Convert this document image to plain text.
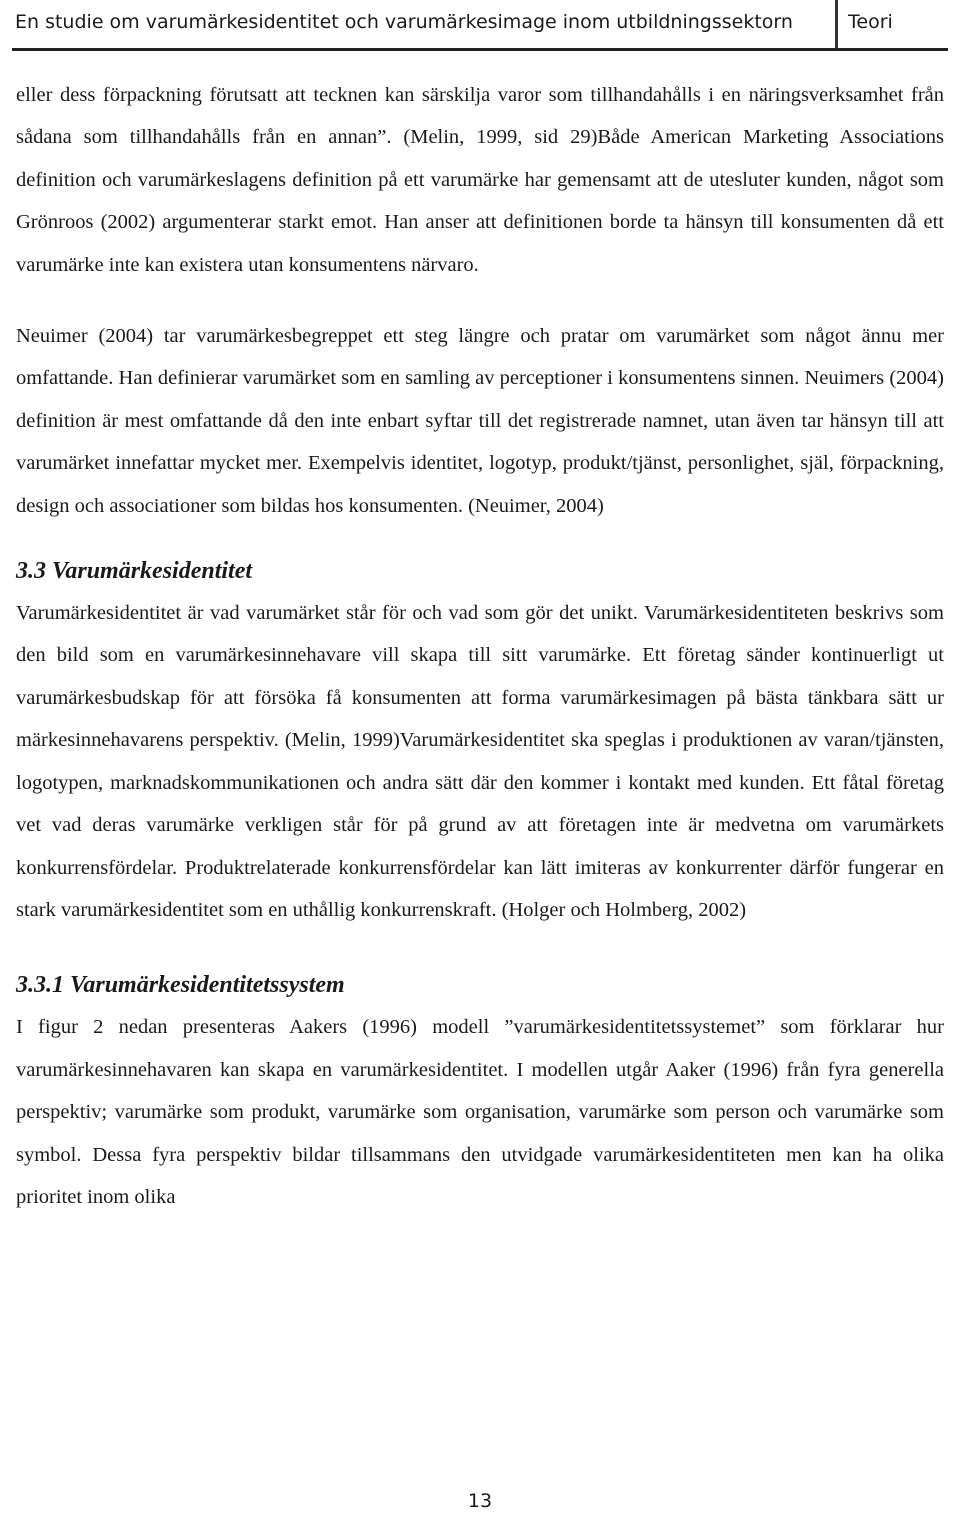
En studie om varumärkesidentitet och varumärkesimage inom utbildningssektorn	Teori

eller dess förpackning förutsatt att tecknen kan särskilja varor som tillhandahålls i en näringsverksamhet från sådana som tillhandahålls från en annan”. (Melin, 1999, sid 29)Både American Marketing Associations definition och varumärkeslagens definition på ett varumärke har gemensamt att de utesluter kunden, något som Grönroos (2002) argumenterar starkt emot. Han anser att definitionen borde ta hänsyn till konsumenten då ett varumärke inte kan existera utan konsumentens närvaro.

Neuimer (2004) tar varumärkesbegreppet ett steg längre och pratar om varumärket som något ännu mer omfattande. Han definierar varumärket som en samling av perceptioner i konsumentens sinnen. Neuimers (2004) definition är mest omfattande då den inte enbart syftar till det registrerade namnet, utan även tar hänsyn till att varumärket innefattar mycket mer. Exempelvis identitet, logotyp, produkt/tjänst, personlighet, själ, förpackning, design och associationer som bildas hos konsumenten. (Neuimer, 2004)

3.3 Varumärkesidentitet

Varumärkesidentitet är vad varumärket står för och vad som gör det unikt. Varumärkesidentiteten beskrivs som den bild som en varumärkesinnehavare vill skapa till sitt varumärke. Ett företag sänder kontinuerligt ut varumärkesbudskap för att försöka få konsumenten att forma varumärkesimagen på bästa tänkbara sätt ur märkesinnehavarens perspektiv. (Melin, 1999)Varumärkesidentitet ska speglas i produktionen av varan/tjänsten, logotypen, marknadskommunikationen och andra sätt där den kommer i kontakt med kunden. Ett fåtal företag vet vad deras varumärke verkligen står för på grund av att företagen inte är medvetna om varumärkets konkurrensfördelar. Produktrelaterade konkurrensfördelar kan lätt imiteras av konkurrenter därför fungerar en stark varumärkesidentitet som en uthållig konkurrenskraft. (Holger och Holmberg, 2002)

3.3.1 Varumärkesidentitetssystem

I figur 2 nedan presenteras Aakers (1996) modell ”varumärkesidentitetssystemet” som förklarar hur varumärkesinnehavaren kan skapa en varumärkesidentitet. I modellen utgår Aaker (1996) från fyra generella perspektiv; varumärke som produkt, varumärke som organisation, varumärke som person och varumärke som symbol. Dessa fyra perspektiv bildar tillsammans den utvidgade varumärkesidentiteten men kan ha olika prioritet inom olika

13
